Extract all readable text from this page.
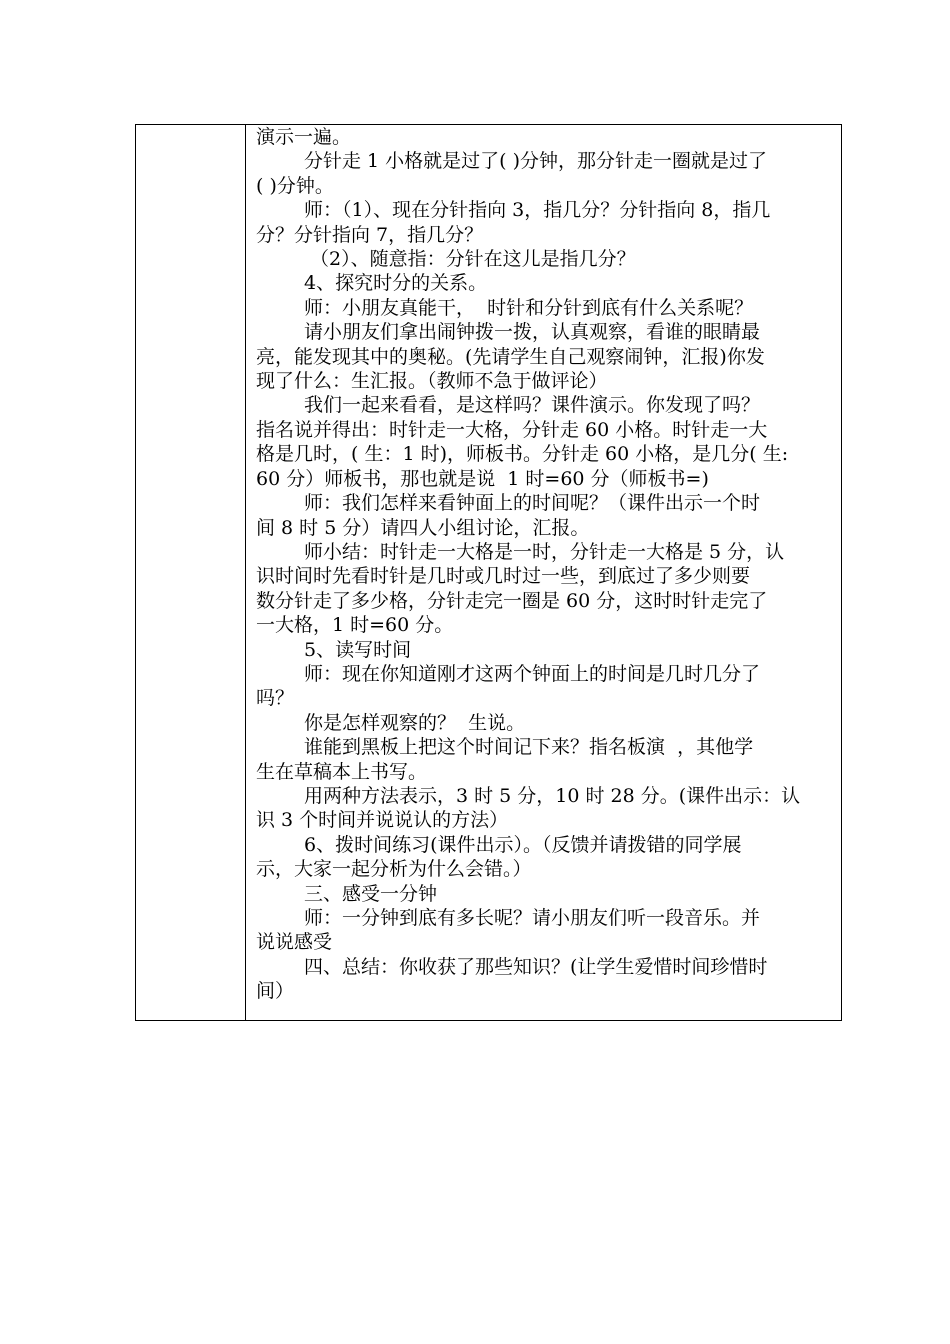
演示一遍。
分针走 1 小格就是过了( )分钟，那分针走一圈就是过了
( )分钟。
师：（1）、现在分针指向 3，指几分？分针指向 8，指几
分？分针指向 7，指几分？
（2）、随意指：分针在这儿是指几分？
4、探究时分的关系。
师：小朋友真能干，  时针和分针到底有什么关系呢？
请小朋友们拿出闹钟拨一拨，认真观察，看谁的眼睛最
亮，能发现其中的奥秘。(先请学生自己观察闹钟，汇报)你发
现了什么：生汇报。（教师不急于做评论）
我们一起来看看，是这样吗？课件演示。你发现了吗？
指名说并得出：时针走一大格，分针走 60 小格。时针走一大
格是几时，( 生：1 时)，师板书。分针走 60 小格，是几分( 生:
60 分）师板书，那也就是说  1 时=60 分（师板书=)
师：我们怎样来看钟面上的时间呢？（课件出示一个时
间 8 时 5 分）请四人小组讨论，汇报。
师小结：时针走一大格是一时，分针走一大格是 5 分，认
识时间时先看时针是几时或几时过一些，到底过了多少则要
数分针走了多少格，分针走完一圈是 60 分，这时时针走完了
一大格，1 时=60 分。
5、读写时间
师：现在你知道刚才这两个钟面上的时间是几时几分了
吗？
你是怎样观察的？  生说。
谁能到黑板上把这个时间记下来？指名板演  ，其他学
生在草稿本上书写。
用两种方法表示，3 时 5 分，10 时 28 分。(课件出示：认
识 3 个时间并说说认的方法）
6、拨时间练习(课件出示）。（反馈并请拨错的同学展
示，大家一起分析为什么会错。）
三、感受一分钟
师：一分钟到底有多长呢？请小朋友们听一段音乐。并
说说感受
四、总结：你收获了那些知识？(让学生爱惜时间珍惜时
间）
